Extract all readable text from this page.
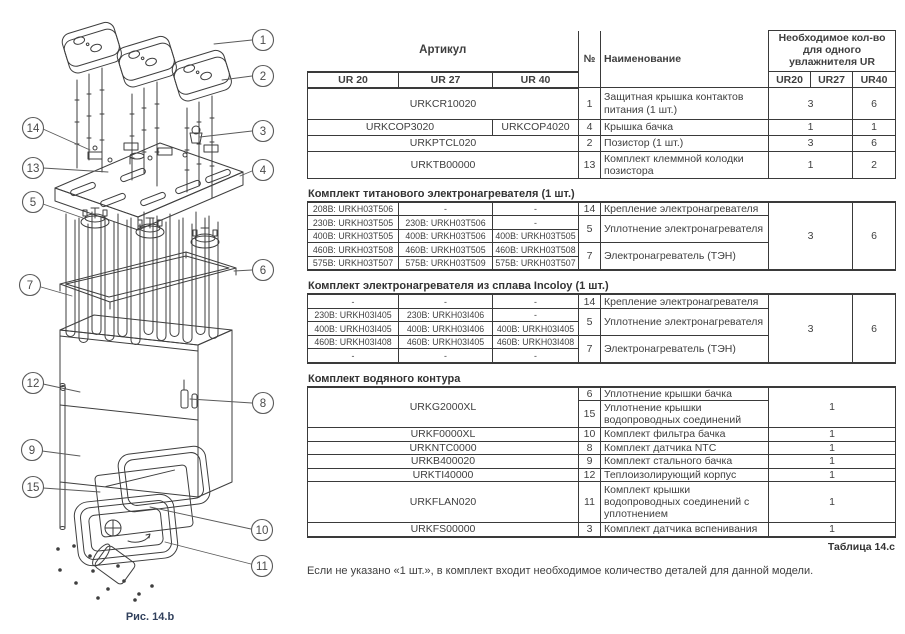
1
2
14	3
13	4
5
6
7
12
8
9
15
10
11
Рис. 14.b
Артикул			№	Наименование	Необходимое кол-во для одного увлажнителя UR		
UR 20	UR 27	UR 40			UR20	UR27	UR40
URKCR10020			1	Защитная крышка контактов питания (1 шт.)	3		6
URKCOP3020		URKCOP4020	4	Крышка бачка	1		1
URKPTCL020			2	Позистор (1 шт.)	3		6
URKTB00000			13	Комплект клеммной колодки позистора	1		2
Комплект титанового электронагревателя (1 шт.)
208В: URKH03T506	-	-	14	Крепление электронагревателя	3	6
230В: URKH03T505	230В: URKH03T506	-	5	Уплотнение электронагревателя		
400В: URKH03T505	400В: URKH03T506	400В: URKH03T505				
460В: URKH03T508	460В: URKH03T505	460В: URKH03T508	7	Электронагреватель (ТЭН)		
575В: URKH03T507	575В: URKH03T509	575В: URKH03T507				
Комплект электронагревателя из сплава Incoloy (1 шт.)
-	-	-	14	Крепление электронагревателя	3	6
230В: URKH03I405	230В: URKH03I406	-	5	Уплотнение электронагревателя		
400В: URKH03I405	400В: URKH03I406	400В: URKH03I405				
460В: URKH03I408	460В: URKH03I405	460В: URKH03I408	7	Электронагреватель (ТЭН)		
-	-	-				
Комплект водяного контура
URKG2000XL	6	Уплотнение крышки бачка	1
	15	Уплотнение крышки водопроводных соединений	
URKF0000XL	10	Комплект фильтра бачка	1
URKNTC0000	8	Комплект датчика NTC	1
URKB400020	9	Комплект стального бачка	1
URKTI40000	12	Теплоизолирующий корпус	1
URKFLAN020	11	Комплект крышки водопроводных соединений с уплотнением	1
URKFS00000	3	Комплект датчика вспенивания	1
Таблица 14.c
Если не указано «1 шт.», в комплект входит необходимое количество деталей для данной модели.
